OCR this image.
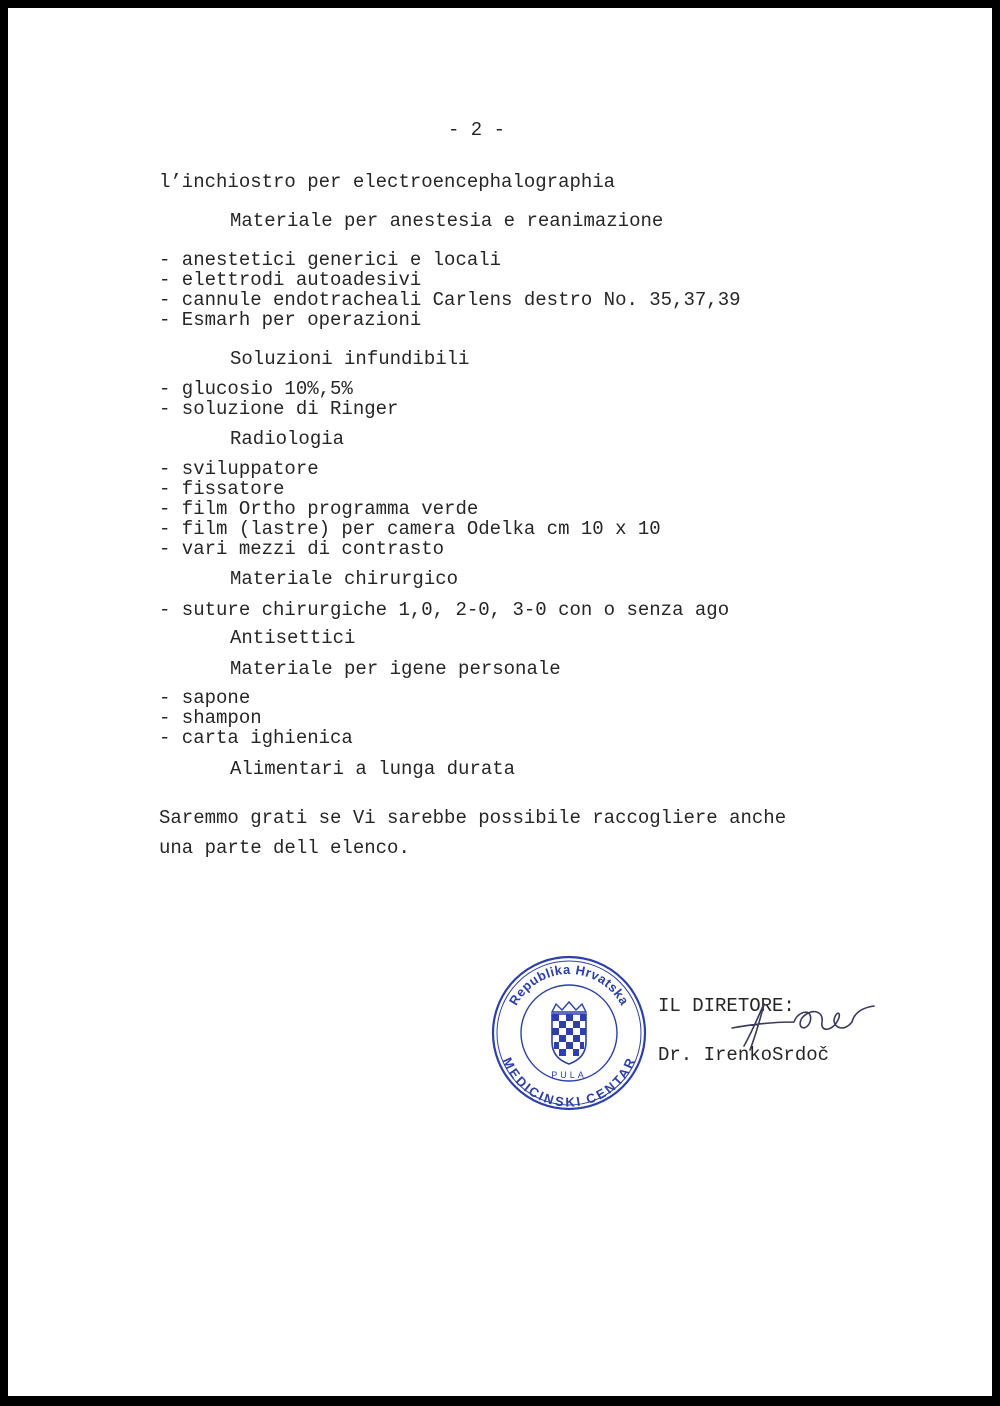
- 2 -
l’inchiostro per electroencephalographia
Materiale per anestesia e reanimazione
- anestetici generici e locali
- elettrodi autoadesivi
- cannule endotracheali Carlens destro No. 35,37,39
- Esmarh per operazioni
Soluzioni infundibili
- glucosio 10%,5%
- soluzione di Ringer
Radiologia
- sviluppatore
- fissatore
- film Ortho programma verde
- film (lastre) per camera Odelka cm 10 x 10
- vari mezzi di contrasto
Materiale chirurgico
- suture chirurgiche 1,0, 2-0, 3-0 con o senza ago
Antisettici
Materiale per igene personale
- sapone
- shampon
- carta ighienica
Alimentari a lunga durata
Saremmo grati se Vi sarebbe possibile raccogliere anche
una parte dell elenco.
Republika Hrvatska
MEDICINSKI CENTAR
PULA
IL DIRETORE:
Dr. IrenkoSrdoč
